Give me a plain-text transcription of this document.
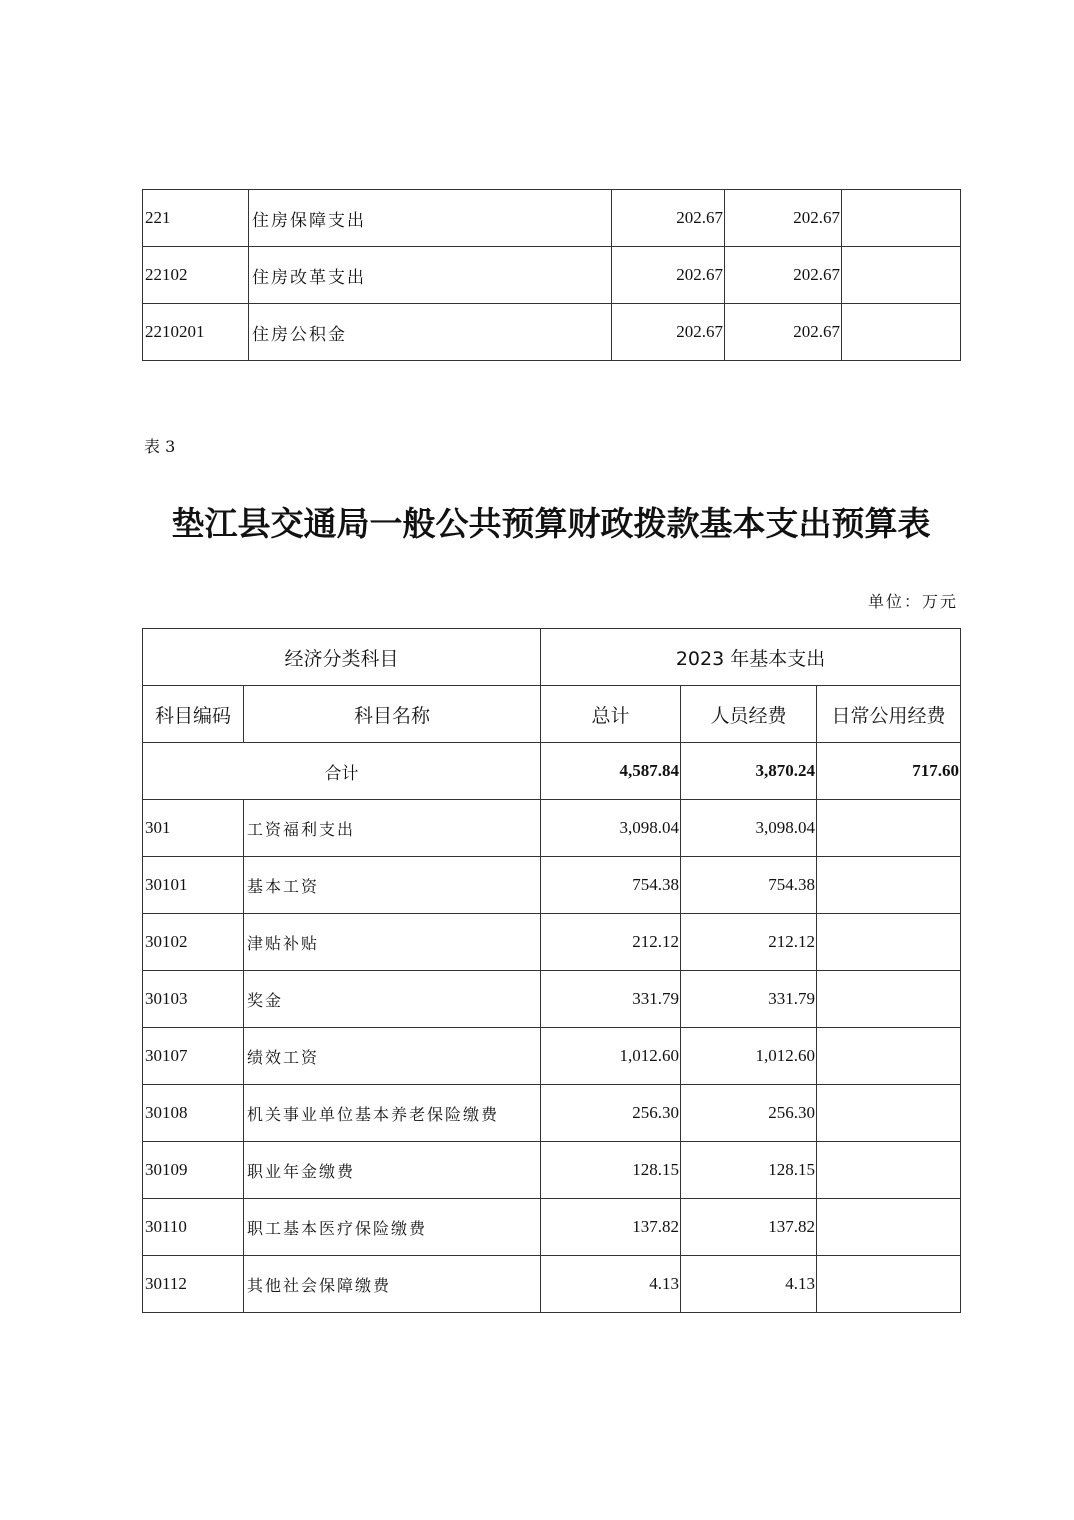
221	住房保障支出	202.67	202.67	
22102	住房改革支出	202.67	202.67	
2210201	住房公积金	202.67	202.67	
表 3
垫江县交通局一般公共预算财政拨款基本支出预算表
单位：万元
经济分类科目		2023 年基本支出		
科目编码	科目名称	总计	人员经费	日常公用经费
合计		4,587.84	3,870.24	717.60
301	工资福利支出	3,098.04	3,098.04	
30101	基本工资	754.38	754.38	
30102	津贴补贴	212.12	212.12	
30103	奖金	331.79	331.79	
30107	绩效工资	1,012.60	1,012.60	
30108	机关事业单位基本养老保险缴费	256.30	256.30	
30109	职业年金缴费	128.15	128.15	
30110	职工基本医疗保险缴费	137.82	137.82	
30112	其他社会保障缴费	4.13	4.13	
